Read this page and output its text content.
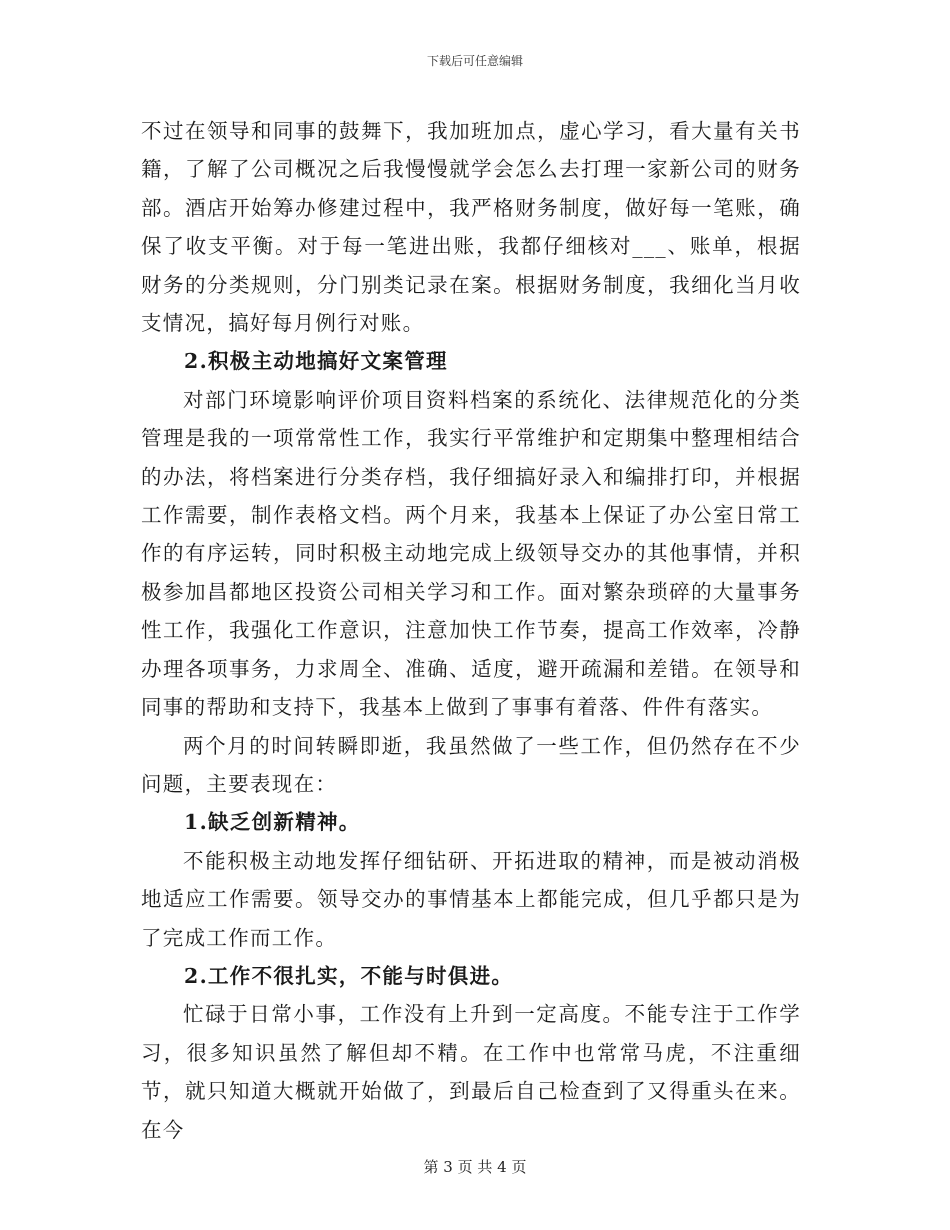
下载后可任意编辑

不过在领导和同事的鼓舞下，我加班加点，虚心学习，看大量有关书籍，了解了公司概况之后我慢慢就学会怎么去打理一家新公司的财务部。酒店开始筹办修建过程中，我严格财务制度，做好每一笔账，确保了收支平衡。对于每一笔进出账，我都仔细核对___、账单，根据财务的分类规则，分门别类记录在案。根据财务制度，我细化当月收支情况，搞好每月例行对账。

2.积极主动地搞好文案管理

对部门环境影响评价项目资料档案的系统化、法律规范化的分类管理是我的一项常常性工作，我实行平常维护和定期集中整理相结合的办法，将档案进行分类存档，我仔细搞好录入和编排打印，并根据工作需要，制作表格文档。两个月来，我基本上保证了办公室日常工作的有序运转，同时积极主动地完成上级领导交办的其他事情，并积极参加昌都地区投资公司相关学习和工作。面对繁杂琐碎的大量事务性工作，我强化工作意识，注意加快工作节奏，提高工作效率，冷静办理各项事务，力求周全、准确、适度，避开疏漏和差错。在领导和同事的帮助和支持下，我基本上做到了事事有着落、件件有落实。

两个月的时间转瞬即逝，我虽然做了一些工作，但仍然存在不少问题，主要表现在：

1.缺乏创新精神。

不能积极主动地发挥仔细钻研、开拓进取的精神，而是被动消极地适应工作需要。领导交办的事情基本上都能完成，但几乎都只是为了完成工作而工作。

2.工作不很扎实，不能与时俱进。

忙碌于日常小事，工作没有上升到一定高度。不能专注于工作学习，很多知识虽然了解但却不精。在工作中也常常马虎，不注重细节，就只知道大概就开始做了，到最后自己检查到了又得重头在来。在今

第 3 页 共 4 页
